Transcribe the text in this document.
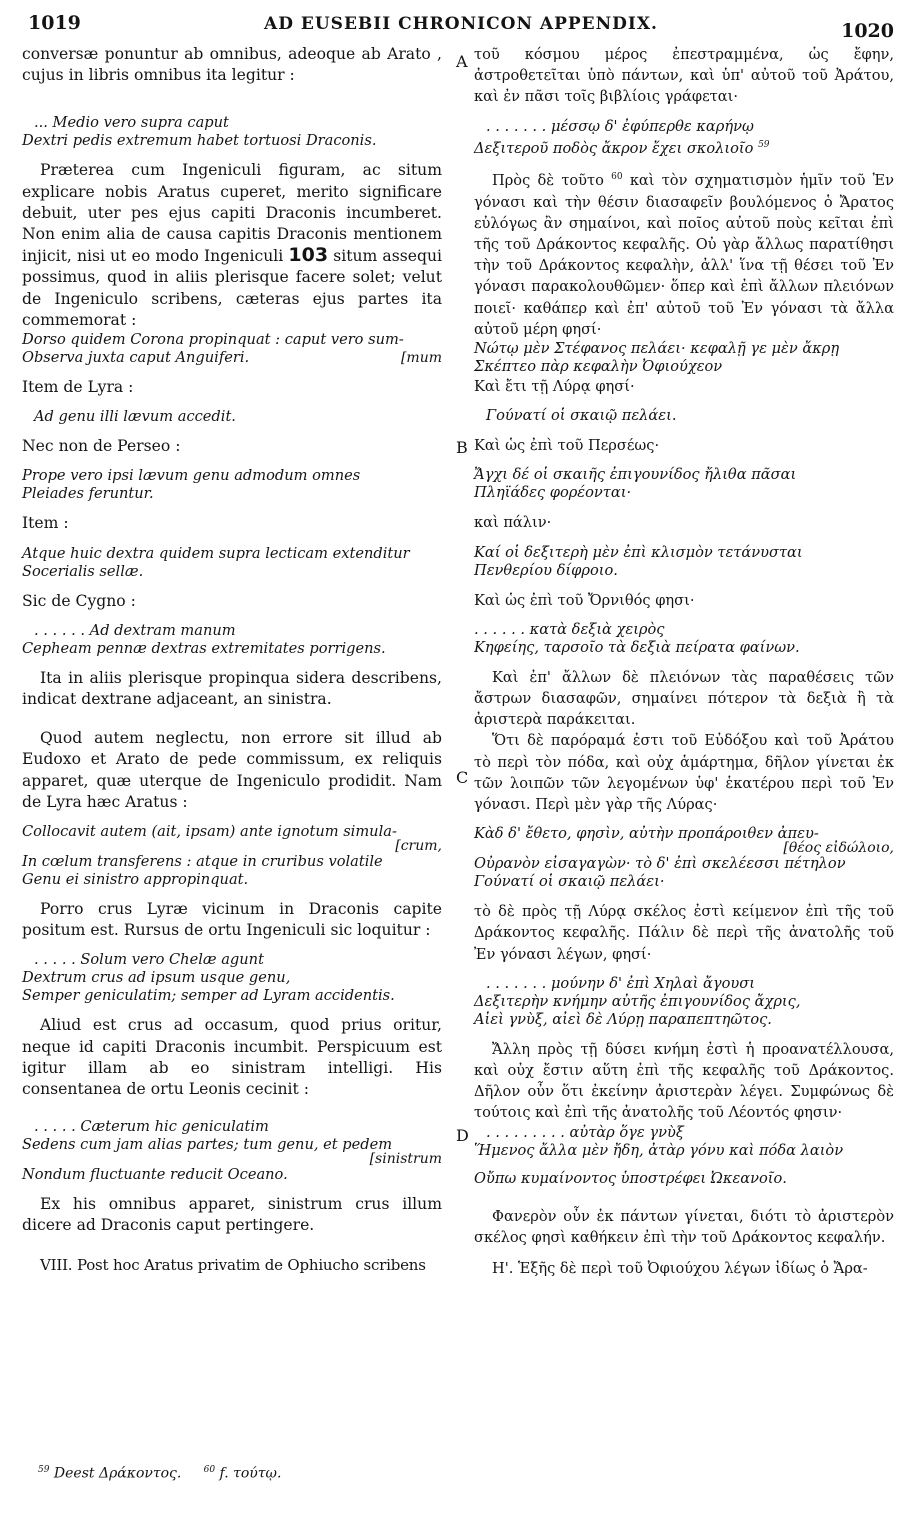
1019	AD EUSEBII CHRONICON APPENDIX.	1020
A
B
C
D

conversæ ponuntur ab omnibus, adeoque ab Arato , cujus in libris omnibus ita legitur :

... Medio vero supra caput

Dextri pedis extremum habet tortuosi Draconis.

Præterea cum Ingeniculi figuram, ac situm explicare nobis Aratus cuperet, merito significare debuit, uter pes ejus capiti Draconis incumberet. Non enim alia de causa capitis Draconis mentionem injicit, nisi ut eo modo Ingeniculi 103 situm assequi possimus, quod in aliis plerisque facere solet; velut de Ingeniculo scribens, cæteras ejus partes ita commemorat :

Dorso quidem Corona propinquat : caput vero sum-

Observa juxta caput Anguiferi.	[mum

Item de Lyra :

Ad genu illi lævum accedit.

Nec non de Perseo :

Prope vero ipsi lævum genu admodum omnes

Pleiades feruntur.

Item :

Atque huic dextra quidem supra lecticam extenditur

Socerialis sellæ.

Sic de Cygno :

. . . . . . Ad dextram manum

Cepheam pennæ dextras extremitates porrigens.

Ita in aliis plerisque propinqua sidera describens, indicat dextrane adjaceant, an sinistra.

Quod autem neglectu, non errore sit illud ab Eudoxo et Arato de pede commissum, ex reliquis apparet, quæ uterque de Ingeniculo prodidit. Nam de Lyra hæc Aratus :

Collocavit autem (ait, ipsam) ante ignotum simula-

[crum,

In cœlum transferens : atque in cruribus volatile

Genu ei sinistro appropinquat.

Porro crus Lyræ vicinum in Draconis capite positum est. Rursus de ortu Ingeniculi sic loquitur :

. . . . . Solum vero Chelæ agunt

Dextrum crus ad ipsum usque genu,

Semper geniculatim; semper ad Lyram accidentis.

Aliud est crus ad occasum, quod prius oritur, neque id capiti Draconis incumbit. Perspicuum est igitur illam ab eo sinistram intelligi. His consentanea de ortu Leonis cecinit :

. . . . . Cæterum hic geniculatim

Sedens cum jam alias partes; tum genu, et pedem

[sinistrum

Nondum fluctuante reducit Oceano.

Ex his omnibus apparet, sinistrum crus illum dicere ad Draconis caput pertingere.

VIII. Post hoc Aratus privatim de Ophiucho scribens

τοῦ κόσμου μέρος ἐπεστραμμένα, ὡς ἔφην, ἀστροθετεῖται ὑπὸ πάντων, καὶ ὑπ' αὐτοῦ τοῦ Ἀράτου, καὶ ἐν πᾶσι τοῖς βιβλίοις γράφεται·

. . . . . . . μέσσῳ δ' ἐφύπερθε καρήνῳ

Δεξιτεροῦ ποδὸς ἄκρον ἔχει σκολιοῖο $^{59}$

Πρὸς δὲ τοῦτο $^{60}$ καὶ τὸν σχηματισμὸν ἡμῖν τοῦ Ἐν γόνασι καὶ τὴν θέσιν διασαφεῖν βουλόμενος ὁ Ἄρατος εὐλόγως ἂν σημαίνοι, καὶ ποῖος αὐτοῦ ποὺς κεῖται ἐπὶ τῆς τοῦ Δράκοντος κεφαλῆς. Οὐ γὰρ ἄλλως παρατίθησι τὴν τοῦ Δράκοντος κεφαλὴν, ἀλλ' ἵνα τῇ θέσει τοῦ Ἐν γόνασι παρακολουθῶμεν· ὅπερ καὶ ἐπὶ ἄλλων πλειόνων ποιεῖ· καθάπερ καὶ ἐπ' αὐτοῦ τοῦ Ἐν γόνασι τὰ ἄλλα αὐτοῦ μέρη φησί·

Νώτῳ μὲν Στέφανος πελάει· κεφαλῇ γε μὲν ἄκρῃ

Σκέπτεο πὰρ κεφαλὴν Ὀφιούχεον

Καὶ ἔτι τῇ Λύρᾳ φησί·

Γούνατί οἱ σκαιῷ πελάει.

Καὶ ὡς ἐπὶ τοῦ Περσέως·

Ἄγχι δέ οἱ σκαιῆς ἐπιγουνίδος ἤλιθα πᾶσαι

Πληϊάδες φορέονται·

καὶ πάλιν·

Καί οἱ δεξιτερὴ μὲν ἐπὶ κλισμὸν τετάνυσται

Πενθερίου δίφροιο.

Καὶ ὡς ἐπὶ τοῦ Ὄρνιθός φησι·

. . . . . . κατὰ δεξιὰ χειρὸς

Κηφείης, ταρσοῖο τὰ δεξιὰ πείρατα φαίνων.

Καὶ ἐπ' ἄλλων δὲ πλειόνων τὰς παραθέσεις τῶν ἄστρων διασαφῶν, σημαίνει πότερον τὰ δεξιὰ ἢ τὰ ἀριστερὰ παράκειται.

Ὅτι δὲ παρόραμά ἐστι τοῦ Εὐδόξου καὶ τοῦ Ἀράτου τὸ περὶ τὸν πόδα, καὶ οὐχ ἁμάρτημα, δῆλον γίνεται ἐκ τῶν λοιπῶν τῶν λεγομένων ὑφ' ἑκατέρου περὶ τοῦ Ἐν γόνασι. Περὶ μὲν γὰρ τῆς Λύρας·

Κὰδ δ' ἔθετο, φησὶν, αὐτὴν προπάροιθεν ἀπευ-

[θέος εἰδώλοιο,

Οὐρανὸν εἰσαγαγὼν· τὸ δ' ἐπὶ σκελέεσσι πέτηλον

Γούνατί οἱ σκαιῷ πελάει·

τὸ δὲ πρὸς τῇ Λύρᾳ σκέλος ἐστὶ κείμενον ἐπὶ τῆς τοῦ Δράκοντος κεφαλῆς. Πάλιν δὲ περὶ τῆς ἀνατολῆς τοῦ Ἐν γόνασι λέγων, φησί·

. . . . . . . μούνην δ' ἐπὶ Χηλαὶ ἄγουσι

Δεξιτερὴν κνήμην αὐτῆς ἐπιγουνίδος ἄχρις,

Αἰεὶ γνὺξ, αἰεὶ δὲ Λύρῃ παραπεπτηῶτος.

Ἄλλη πρὸς τῇ δύσει κνήμη ἐστὶ ἡ προανατέλλουσα, καὶ οὐχ ἔστιν αὕτη ἐπὶ τῆς κεφαλῆς τοῦ Δράκοντος. Δῆλον οὖν ὅτι ἐκείνην ἀριστερὰν λέγει. Συμφώνως δὲ τούτοις καὶ ἐπὶ τῆς ἀνατολῆς τοῦ Λέοντός φησιν·

. . . . . . . . . αὐτὰρ ὅγε γνὺξ

Ἥμενος ἄλλα μὲν ἤδη, ἀτὰρ γόνυ καὶ πόδα λαιὸν

Οὔπω κυμαίνοντος ὑποστρέφει Ὠκεανοῖο.

Φανερὸν οὖν ἐκ πάντων γίνεται, διότι τὸ ἀριστερὸν σκέλος φησὶ καθήκειν ἐπὶ τὴν τοῦ Δράκοντος κεφαλήν.

Η'. Ἑξῆς δὲ περὶ τοῦ Ὀφιούχου λέγων ἰδίως ὁ Ἄρα-

$^{59}$ Deest Δράκοντος. $^{60}$ f. τούτῳ.
